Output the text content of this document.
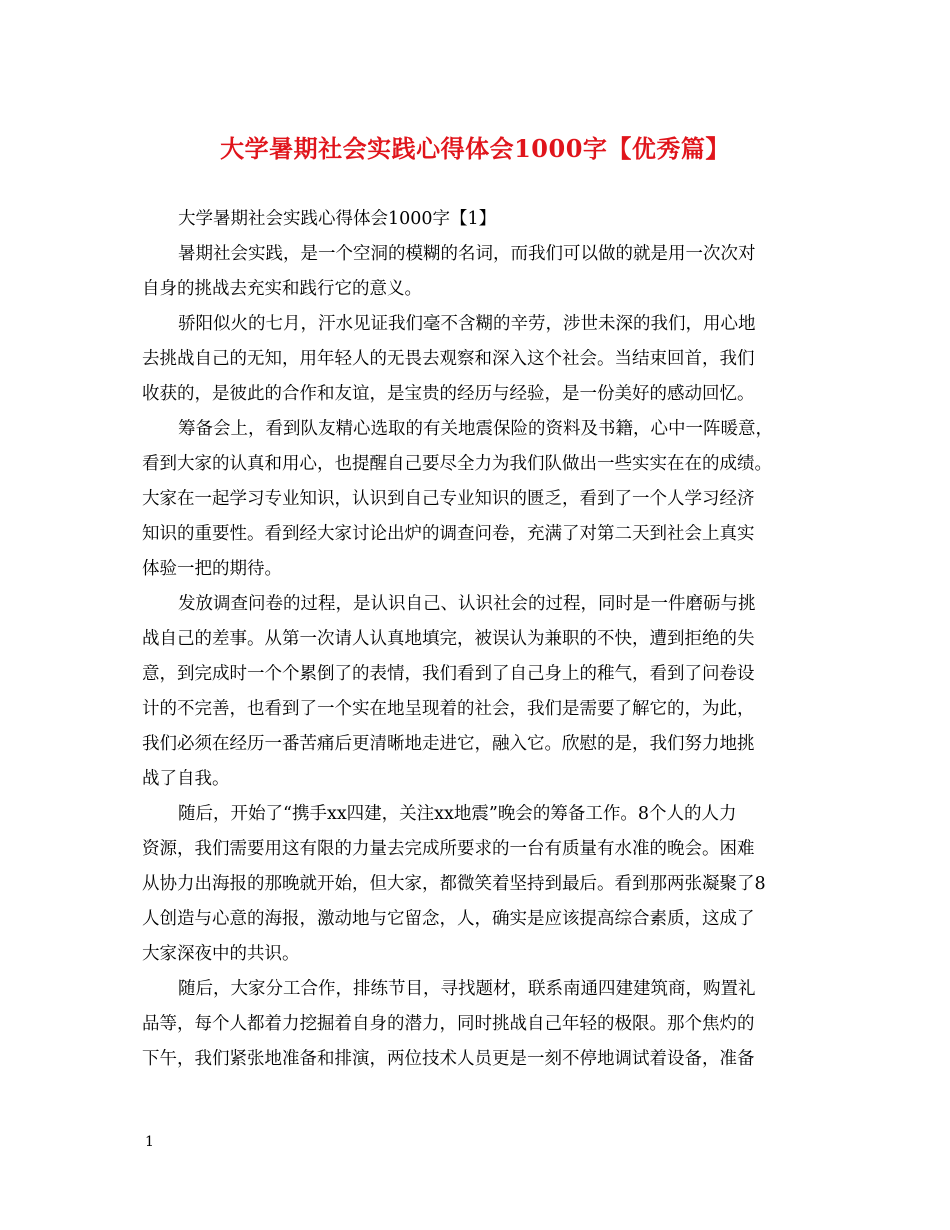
大学暑期社会实践心得体会1000字【优秀篇】
大学暑期社会实践心得体会1000字【1】
暑期社会实践，是一个空洞的模糊的名词，而我们可以做的就是用一次次对
自身的挑战去充实和践行它的意义。
骄阳似火的七月，汗水见证我们毫不含糊的辛劳，涉世未深的我们，用心地
去挑战自己的无知，用年轻人的无畏去观察和深入这个社会。当结束回首，我们
收获的，是彼此的合作和友谊，是宝贵的经历与经验，是一份美好的感动回忆。
筹备会上，看到队友精心选取的有关地震保险的资料及书籍，心中一阵暖意，
看到大家的认真和用心，也提醒自己要尽全力为我们队做出一些实实在在的成绩。
大家在一起学习专业知识，认识到自己专业知识的匮乏，看到了一个人学习经济
知识的重要性。看到经大家讨论出炉的调查问卷，充满了对第二天到社会上真实
体验一把的期待。
发放调查问卷的过程，是认识自己、认识社会的过程，同时是一件磨砺与挑
战自己的差事。从第一次请人认真地填完，被误认为兼职的不快，遭到拒绝的失
意，到完成时一个个累倒了的表情，我们看到了自己身上的稚气，看到了问卷设
计的不完善，也看到了一个实在地呈现着的社会，我们是需要了解它的，为此，
我们必须在经历一番苦痛后更清晰地走进它，融入它。欣慰的是，我们努力地挑
战了自我。
随后，开始了“携手xx四建，关注xx地震”晚会的筹备工作。8个人的人力
资源，我们需要用这有限的力量去完成所要求的一台有质量有水准的晚会。困难
从协力出海报的那晚就开始，但大家，都微笑着坚持到最后。看到那两张凝聚了8
人创造与心意的海报，激动地与它留念，人，确实是应该提高综合素质，这成了
大家深夜中的共识。
随后，大家分工合作，排练节目，寻找题材，联系南通四建建筑商，购置礼
品等，每个人都着力挖掘着自身的潜力，同时挑战自己年轻的极限。那个焦灼的
下午，我们紧张地准备和排演，两位技术人员更是一刻不停地调试着设备，准备
1
